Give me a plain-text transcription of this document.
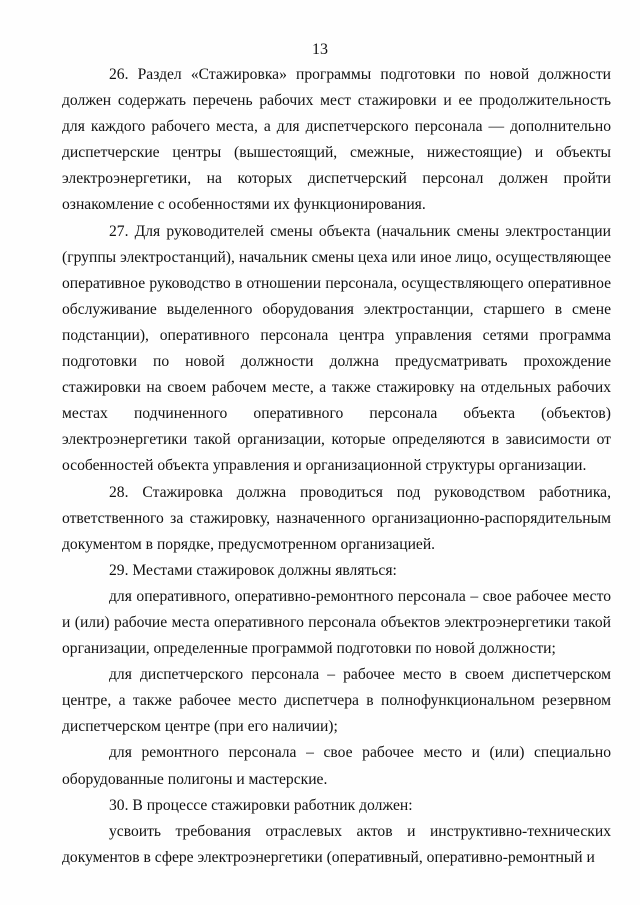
13

26. Раздел «Стажировка» программы подготовки по новой должности должен содержать перечень рабочих мест стажировки и ее продолжительность для каждого рабочего места, а для диспетчерского персонала — дополнительно диспетчерские центры (вышестоящий, смежные, нижестоящие) и объекты электроэнергетики, на которых диспетчерский персонал должен пройти ознакомление с особенностями их функционирования.

27. Для руководителей смены объекта (начальник смены электростанции (группы электростанций), начальник смены цеха или иное лицо, осуществляющее оперативное руководство в отношении персонала, осуществляющего оперативное обслуживание выделенного оборудования электростанции, старшего в смене подстанции), оперативного персонала центра управления сетями программа подготовки по новой должности должна предусматривать прохождение стажировки на своем рабочем месте, а также стажировку на отдельных рабочих местах подчиненного оперативного персонала объекта (объектов) электроэнергетики такой организации, которые определяются в зависимости от особенностей объекта управления и организационной структуры организации.

28. Стажировка должна проводиться под руководством работника, ответственного за стажировку, назначенного организационно-распорядительным документом в порядке, предусмотренном организацией.

29. Местами стажировок должны являться:

для оперативного, оперативно-ремонтного персонала – свое рабочее место и (или) рабочие места оперативного персонала объектов электроэнергетики такой организации, определенные программой подготовки по новой должности;

для диспетчерского персонала – рабочее место в своем диспетчерском центре, а также рабочее место диспетчера в полнофункциональном резервном диспетчерском центре (при его наличии);

для ремонтного персонала – свое рабочее место и (или) специально оборудованные полигоны и мастерские.

30. В процессе стажировки работник должен:

усвоить требования отраслевых актов и инструктивно-технических документов в сфере электроэнергетики (оперативный, оперативно-ремонтный и
